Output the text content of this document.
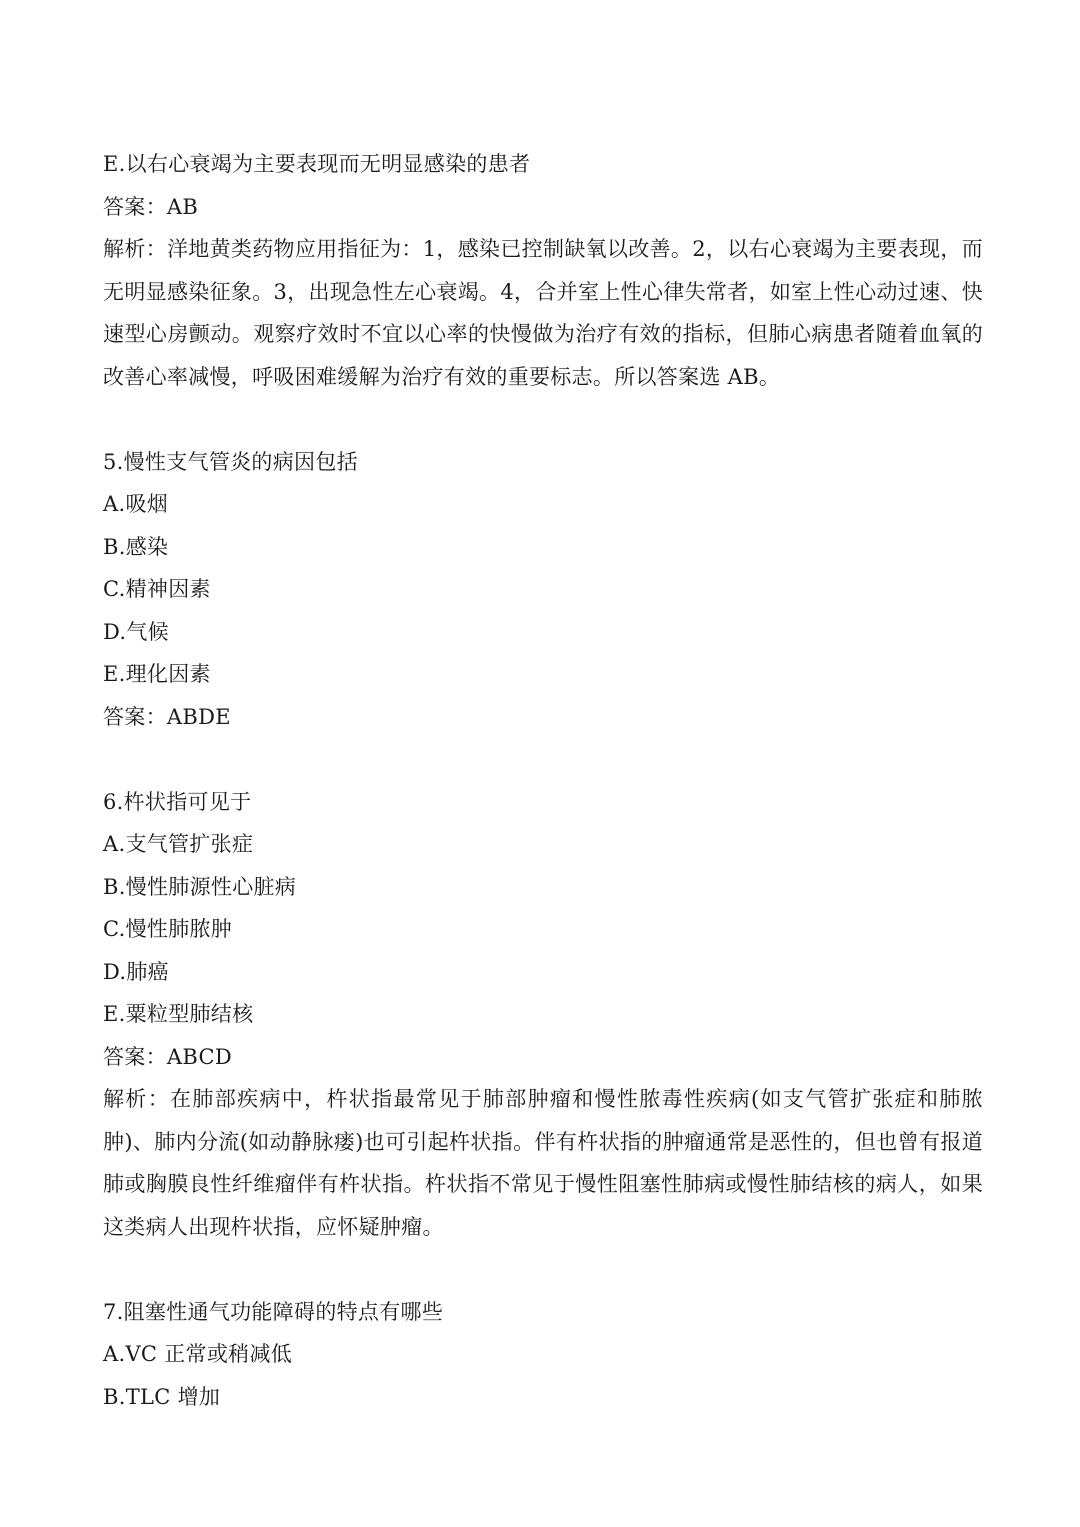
E.以右心衰竭为主要表现而无明显感染的患者
答案：AB

解析：洋地黄类药物应用指征为：1，感染已控制缺氧以改善。2，以右心衰竭为主要表现，而无明显感染征象。3，出现急性左心衰竭。4，合并室上性心律失常者，如室上性心动过速、快速型心房颤动。观察疗效时不宜以心率的快慢做为治疗有效的指标，但肺心病患者随着血氧的改善心率减慢，呼吸困难缓解为治疗有效的重要标志。所以答案选 AB。

5.慢性支气管炎的病因包括
A.吸烟
B.感染
C.精神因素
D.气候
E.理化因素
答案：ABDE
6.杵状指可见于
A.支气管扩张症
B.慢性肺源性心脏病
C.慢性肺脓肿
D.肺癌
E.粟粒型肺结核
答案：ABCD

解析：在肺部疾病中，杵状指最常见于肺部肿瘤和慢性脓毒性疾病(如支气管扩张症和肺脓肿)、肺内分流(如动静脉瘘)也可引起杵状指。伴有杵状指的肿瘤通常是恶性的，但也曾有报道肺或胸膜良性纤维瘤伴有杵状指。杵状指不常见于慢性阻塞性肺病或慢性肺结核的病人，如果这类病人出现杵状指，应怀疑肿瘤。

7.阻塞性通气功能障碍的特点有哪些
A.VC 正常或稍减低
B.TLC 增加
